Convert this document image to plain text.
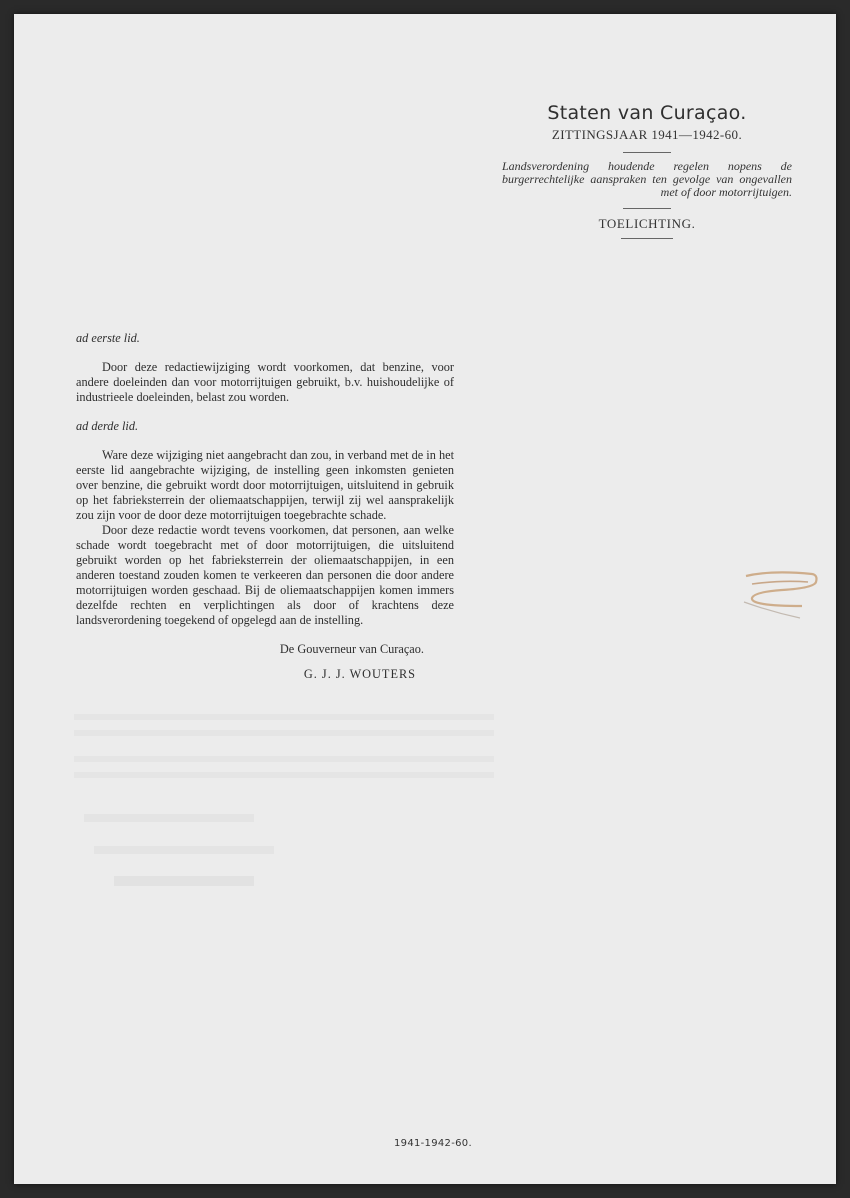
Staten van Curaçao.
ZITTINGSJAAR 1941—1942-60.
Landsverordening houdende regelen nopens de burgerrechtelijke aanspraken ten gevolge van ongevallen met of door motorrijtuigen.
TOELICHTING.

ad eerste lid.

Door deze redactiewijziging wordt voorkomen, dat benzine, voor andere doeleinden dan voor motorrijtuigen gebruikt, b.v. huishoudelijke of industrieele doeleinden, belast zou worden.

ad derde lid.

Ware deze wijziging niet aangebracht dan zou, in verband met de in het eerste lid aangebrachte wijziging, de instelling geen inkomsten genieten over benzine, die gebruikt wordt door motorrijtuigen, uitsluitend in gebruik op het fabrieksterrein der oliemaatschappijen, terwijl zij wel aansprakelijk zou zijn voor de door deze motorrijtuigen toegebrachte schade.

Door deze redactie wordt tevens voorkomen, dat personen, aan welke schade wordt toegebracht met of door motorrijtuigen, die uitsluitend gebruikt worden op het fabrieksterrein der oliemaatschappijen, in een anderen toestand zouden komen te verkeeren dan personen die door andere motorrijtuigen worden geschaad. Bij de oliemaatschappijen komen immers dezelfde rechten en verplichtingen als door of krachtens deze landsverordening toegekend of opgelegd aan de instelling.

De Gouverneur van Curaçao.
G. J. J. WOUTERS
1941-1942-60.
